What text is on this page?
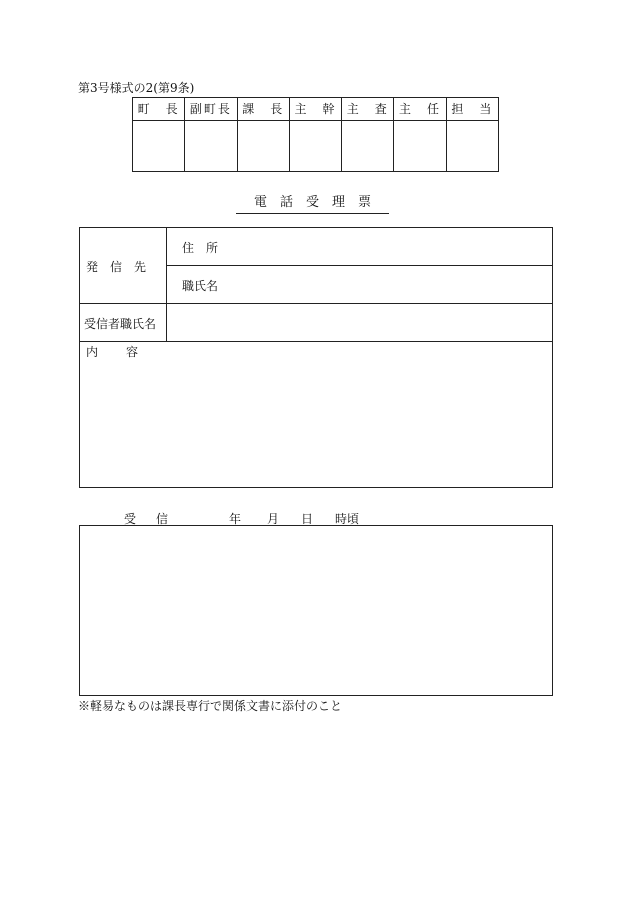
第3号様式の2(第9条)
町　長	副町長	課　長	主　幹	主　査	主　任	担　当

電話受理票
発　信　先
住　所
職氏名
受信者職氏名
内　容
受　信	年 月 日 時頃
※軽易なものは課長専行で関係文書に添付のこと
